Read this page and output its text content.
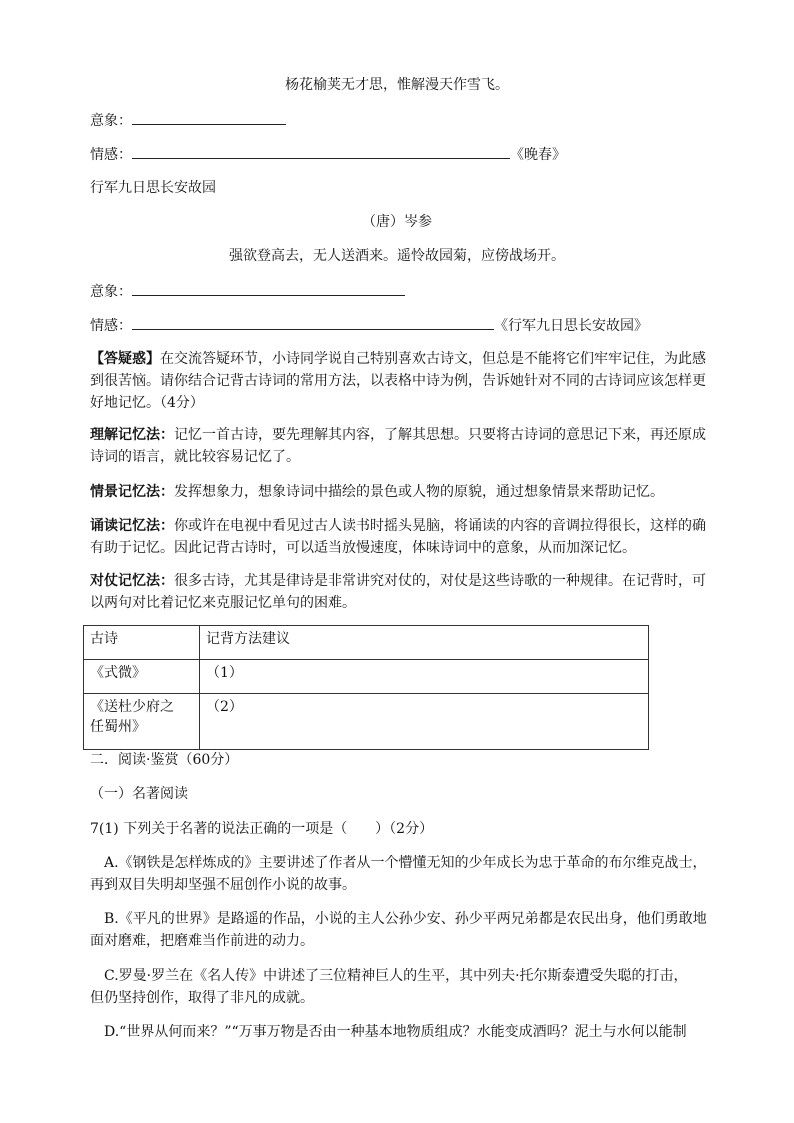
杨花榆荚无才思，惟解漫天作雪飞。
意象：
情感：	《晚春》
行军九日思长安故园
（唐）岑参
强欲登高去，无人送酒来。遥怜故园菊，应傍战场开。
意象：
情感：	《行军九日思长安故园》
【答疑惑】在交流答疑环节，小诗同学说自己特别喜欢古诗文，但总是不能将它们牢牢记住，为此感
到很苦恼。请你结合记背古诗词的常用方法，以表格中诗为例，告诉她针对不同的古诗词应该怎样更
好地记忆。（4分）
理解记忆法：记忆一首古诗，要先理解其内容，了解其思想。只要将古诗词的意思记下来，再还原成
诗词的语言，就比较容易记忆了。
情景记忆法：发挥想象力，想象诗词中描绘的景色或人物的原貌，通过想象情景来帮助记忆。
诵读记忆法：你或许在电视中看见过古人读书时摇头晃脑，将诵读的内容的音调拉得很长，这样的确
有助于记忆。因此记背古诗时，可以适当放慢速度，体味诗词中的意象，从而加深记忆。
对仗记忆法：很多古诗，尤其是律诗是非常讲究对仗的，对仗是这些诗歌的一种规律。在记背时，可
以两句对比着记忆来克服记忆单句的困难。
古诗	记背方法建议
《式微》	（1）

《送杜少府之
任蜀州》	（2）
二．阅读·鉴赏（60分）
（一）名著阅读
7(1) 下列关于名著的说法正确的一项是（　　）（2分）
A.《钢铁是怎样炼成的》主要讲述了作者从一个懵懂无知的少年成长为忠于革命的布尔维克战士，
再到双目失明却坚强不屈创作小说的故事。
B.《平凡的世界》是路遥的作品，小说的主人公孙少安、孙少平两兄弟都是农民出身，他们勇敢地
面对磨难，把磨难当作前进的动力。
C.罗曼·罗兰在《名人传》中讲述了三位精神巨人的生平，其中列夫·托尔斯泰遭受失聪的打击，
但仍坚持创作，取得了非凡的成就。
D.“世界从何而来？”“万事万物是否由一种基本地物质组成？水能变成酒吗？泥土与水何以能制
